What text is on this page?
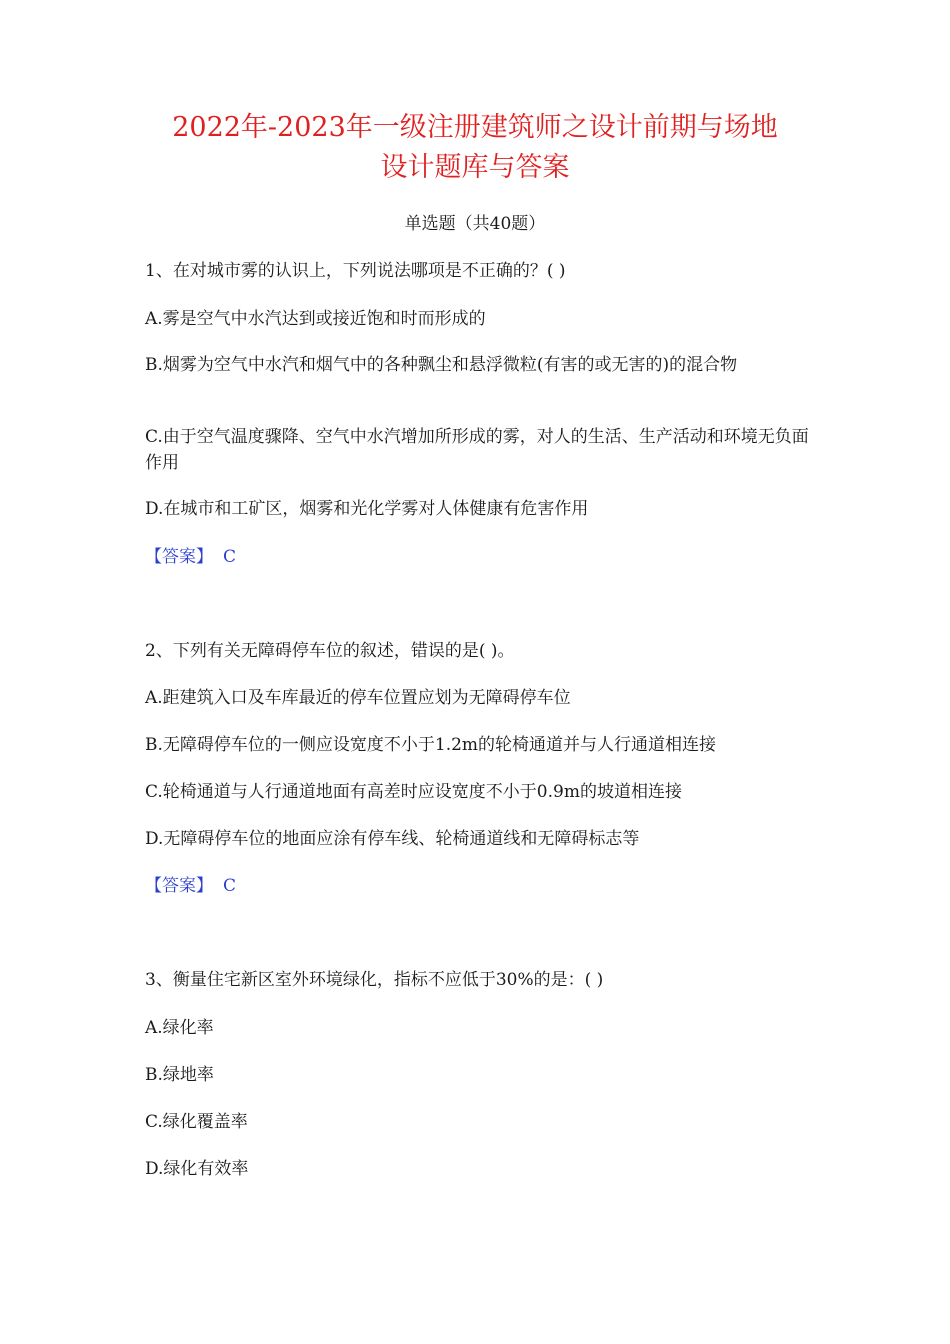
2022年-2023年一级注册建筑师之设计前期与场地
设计题库与答案
单选题（共40题）
1、在对城市雾的认识上，下列说法哪项是不正确的？( )
A.雾是空气中水汽达到或接近饱和时而形成的
B.烟雾为空气中水汽和烟气中的各种飘尘和悬浮微粒(有害的或无害的)的混合物
C.由于空气温度骤降、空气中水汽增加所形成的雾，对人的生活、生产活动和环境无负面作用
D.在城市和工矿区，烟雾和光化学雾对人体健康有危害作用
【答案】 C
2、下列有关无障碍停车位的叙述，错误的是( )。
A.距建筑入口及车库最近的停车位置应划为无障碍停车位
B.无障碍停车位的一侧应设宽度不小于1.2m的轮椅通道并与人行通道相连接
C.轮椅通道与人行通道地面有高差时应设宽度不小于0.9m的坡道相连接
D.无障碍停车位的地面应涂有停车线、轮椅通道线和无障碍标志等
【答案】 C
3、衡量住宅新区室外环境绿化，指标不应低于30%的是：( )
A.绿化率
B.绿地率
C.绿化覆盖率
D.绿化有效率
